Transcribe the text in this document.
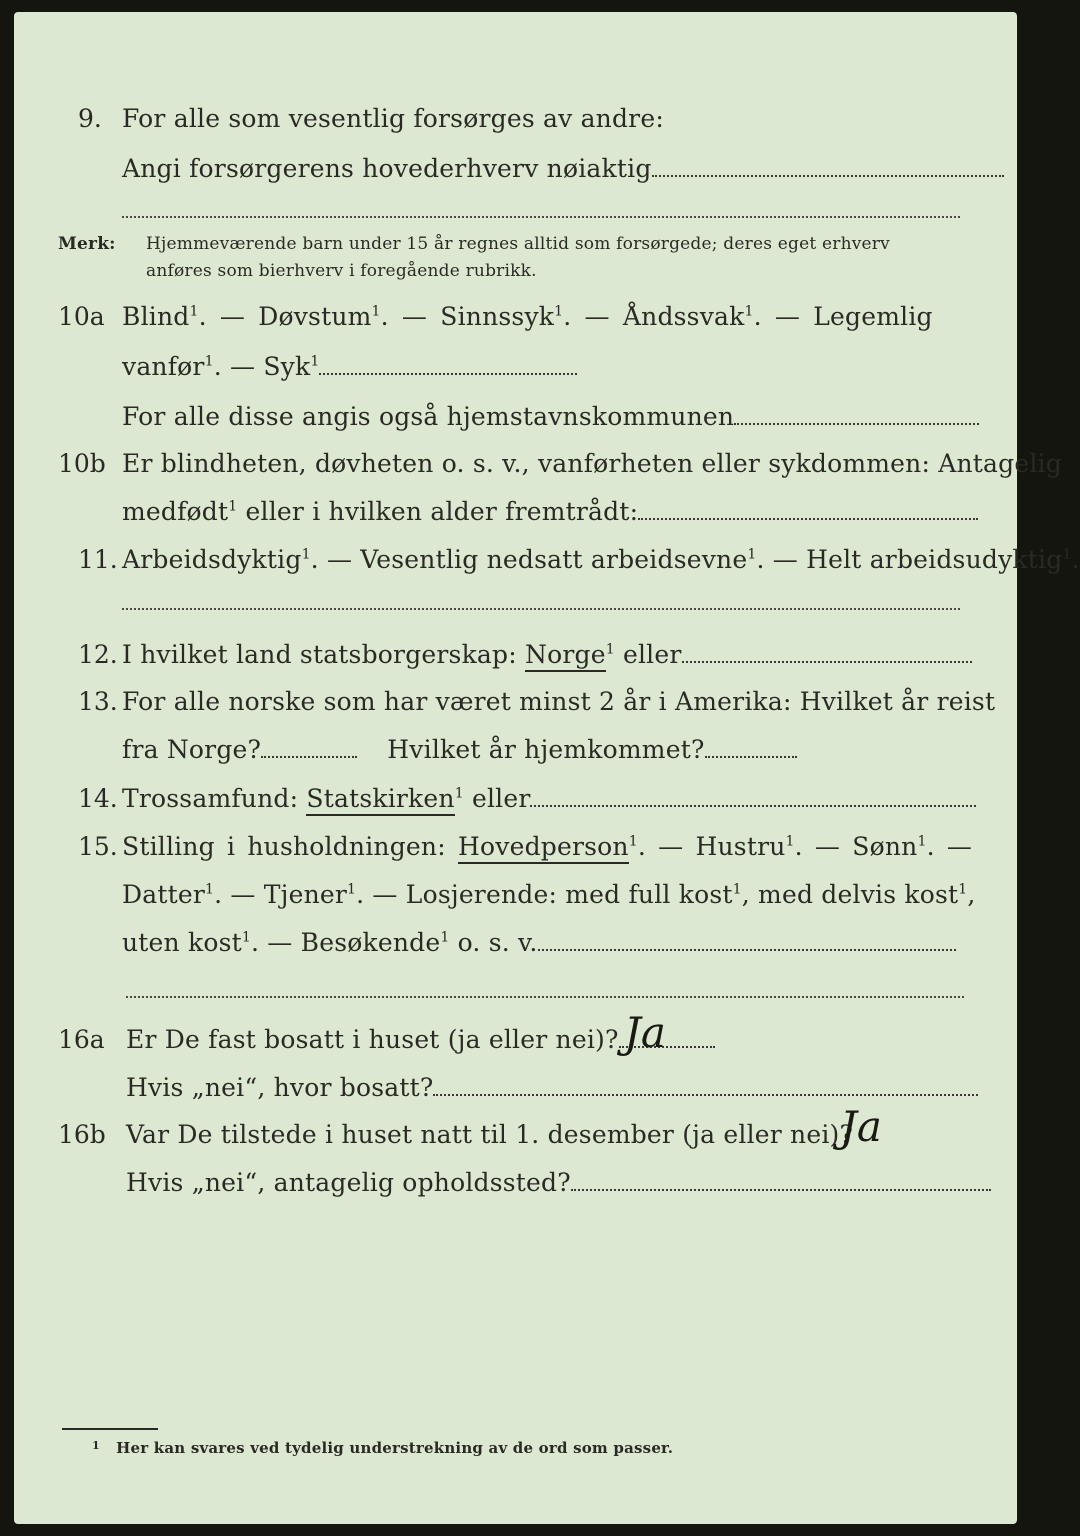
9. For alle som vesentlig forsørges av andre:
Angi forsørgerens hovederhverv nøiaktig
Merk: Hjemmeværende barn under 15 år regnes alltid som forsørgede; deres eget erhverv
anføres som bierhverv i foregående rubrikk.
10a Blind$^1$. — Døvstum$^1$. — Sinnssyk$^1$. — Åndssvak$^1$. — Legemlig
vanfør$^1$. — Syk$^1$
For alle disse angis også hjemstavnskommunen
10b Er blindheten, døvheten o. s. v., vanførheten eller sykdommen: Antagelig
medfødt$^1$ eller i hvilken alder fremtrådt:
11. Arbeidsdyktig$^1$. — Vesentlig nedsatt arbeidsevne$^1$. — Helt arbeidsudyktig$^1$.
12. I hvilket land statsborgerskap: Norge$^1$ eller
13. For alle norske som har været minst 2 år i Amerika: Hvilket år reist
fra Norge?	Hvilket år hjemkommet?
14. Trossamfund: Statskirken$^1$ eller
15. Stilling i husholdningen: Hovedperson$^1$. — Hustru$^1$. — Sønn$^1$. —
Datter$^1$. — Tjener$^1$. — Losjerende: med full kost$^1$, med delvis kost$^1$,
uten kost$^1$. — Besøkende$^1$ o. s. v.
16a Er De fast bosatt i huset (ja eller nei)? Ja
Hvis „nei“, hvor bosatt?
16b Var De tilstede i huset natt til 1. desember (ja eller nei)?
Ja
Hvis „nei“, antagelig opholdssted?
$^1$ Her kan svares ved tydelig understrekning av de ord som passer.
